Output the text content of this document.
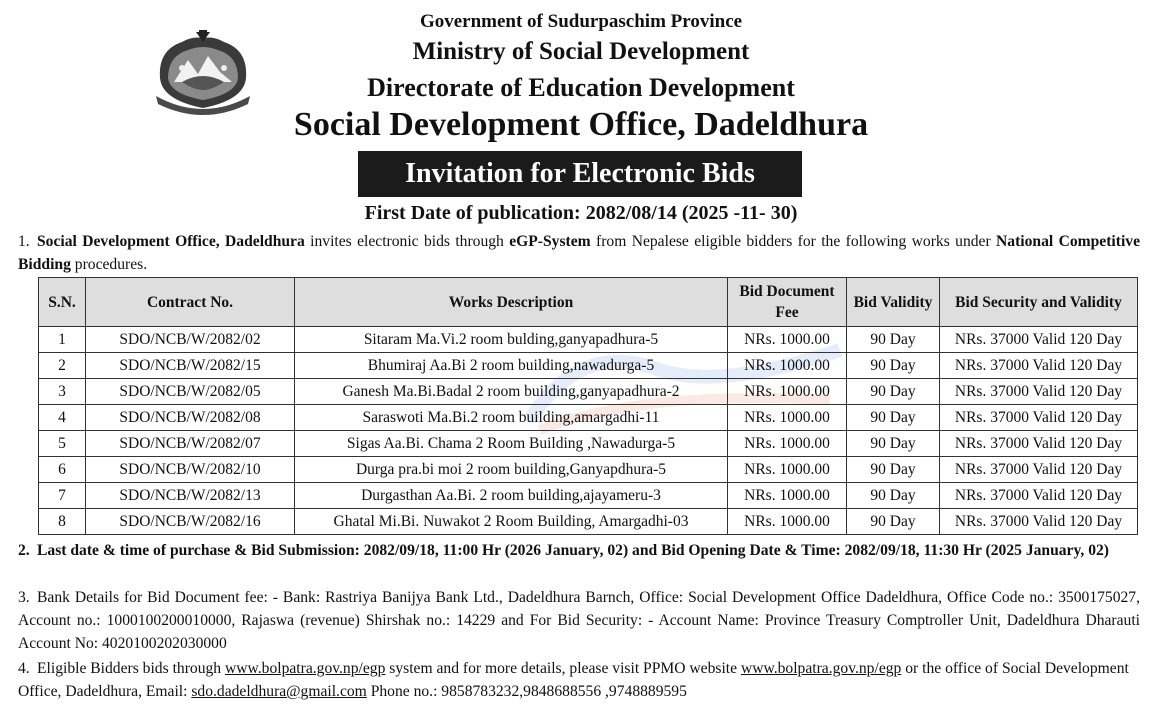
Government of Sudurpaschim Province
Ministry of Social Development
Directorate of Education Development
Social Development Office, Dadeldhura
Invitation for Electronic Bids
First Date of publication: 2082/08/14 (2025 -11- 30)
1. Social Development Office, Dadeldhura invites electronic bids through eGP-System from Nepalese eligible bidders for the following works under National Competitive Bidding procedures.
S.N.	Contract No.	Works Description	Bid Document Fee	Bid Validity	Bid Security and Validity
1	SDO/NCB/W/2082/02	Sitaram Ma.Vi.2 room bulding,ganyapadhura-5	NRs. 1000.00	90 Day	NRs. 37000 Valid 120 Day
2	SDO/NCB/W/2082/15	Bhumiraj Aa.Bi 2 room building,nawadurga-5	NRs. 1000.00	90 Day	NRs. 37000 Valid 120 Day
3	SDO/NCB/W/2082/05	Ganesh Ma.Bi.Badal 2 room building,ganyapadhura-2	NRs. 1000.00	90 Day	NRs. 37000 Valid 120 Day
4	SDO/NCB/W/2082/08	Saraswoti Ma.Bi.2 room building,amargadhi-11	NRs. 1000.00	90 Day	NRs. 37000 Valid 120 Day
5	SDO/NCB/W/2082/07	Sigas Aa.Bi. Chama 2 Room Building ,Nawadurga-5	NRs. 1000.00	90 Day	NRs. 37000 Valid 120 Day
6	SDO/NCB/W/2082/10	Durga pra.bi moi 2 room building,Ganyapdhura-5	NRs. 1000.00	90 Day	NRs. 37000 Valid 120 Day
7	SDO/NCB/W/2082/13	Durgasthan Aa.Bi. 2 room building,ajayameru-3	NRs. 1000.00	90 Day	NRs. 37000 Valid 120 Day
8	SDO/NCB/W/2082/16	Ghatal Mi.Bi. Nuwakot 2 Room Building, Amargadhi-03	NRs. 1000.00	90 Day	NRs. 37000 Valid 120 Day
2. Last date & time of purchase & Bid Submission: 2082/09/18, 11:00 Hr (2026 January, 02) and Bid Opening Date & Time: 2082/09/18, 11:30 Hr (2025 January, 02)
3. Bank Details for Bid Document fee: - Bank: Rastriya Banijya Bank Ltd., Dadeldhura Barnch, Office: Social Development Office Dadeldhura, Office Code no.: 3500175027, Account no.: 1000100200010000, Rajaswa (revenue) Shirshak no.: 14229 and For Bid Security: - Account Name: Province Treasury Comptroller Unit, Dadeldhura Dharauti Account No: 4020100202030000
4. Eligible Bidders bids through www.bolpatra.gov.np/egp system and for more details, please visit PPMO website www.bolpatra.gov.np/egp or the office of Social Development Office, Dadeldhura, Email: sdo.dadeldhura@gmail.com Phone no.: 9858783232,9848688556 ,9748889595
